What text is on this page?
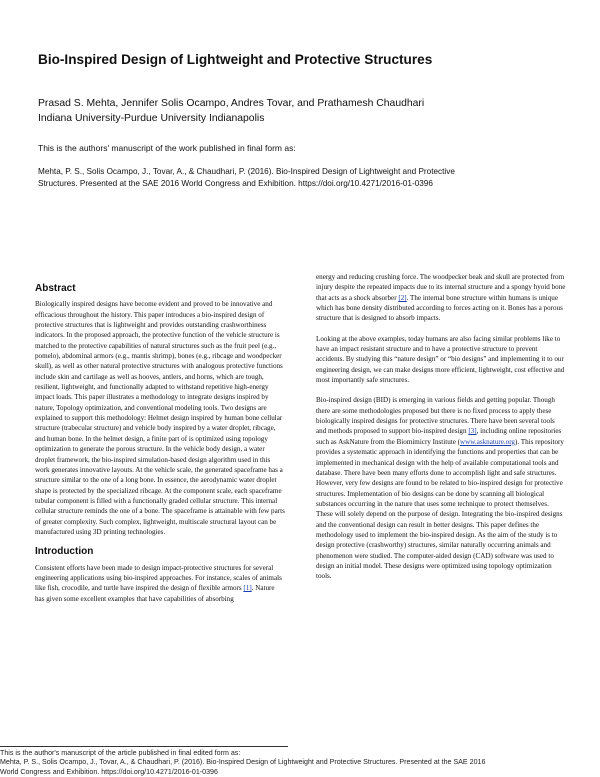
Bio-Inspired Design of Lightweight and Protective Structures
Prasad S. Mehta, Jennifer Solis Ocampo, Andres Tovar, and Prathamesh Chaudhari
Indiana University-Purdue University Indianapolis
This is the authors' manuscript of the work published in final form as:
Mehta, P. S., Solis Ocampo, J., Tovar, A., & Chaudhari, P. (2016). Bio-Inspired Design of Lightweight and Protective
Structures. Presented at the SAE 2016 World Congress and Exhibition. https://doi.org/10.4271/2016-01-0396
Abstract

Biologically inspired designs have become evident and proved to be innovative and efficacious throughout the history. This paper introduces a bio-inspired design of protective structures that is lightweight and provides outstanding crashworthiness indicators. In the proposed approach, the protective function of the vehicle structure is matched to the protective capabilities of natural structures such as the fruit peel (e.g., pomelo), abdominal armors (e.g., mantis shrimp), bones (e.g., ribcage and woodpecker skull), as well as other natural protective structures with analogous protective functions include skin and cartilage as well as hooves, antlers, and horns, which are tough, resilient, lightweight, and functionally adapted to withstand repetitive high-energy impact loads. This paper illustrates a methodology to integrate designs inspired by nature, Topology optimization, and conventional modeling tools. Two designs are explained to support this methodology: Helmet design inspired by human bone cellular structure (trabecular structure) and vehicle body inspired by a water droplet, ribcage, and human bone. In the helmet design, a finite part of is optimized using topology optimization to generate the porous structure. In the vehicle body design, a water droplet framework, the bio-inspired simulation-based design algorithm used in this work generates innovative layouts. At the vehicle scale, the generated spaceframe has a structure similar to the one of a long bone. In essence, the aerodynamic water droplet shape is protected by the specialized ribcage. At the component scale, each spaceframe tubular component is filled with a functionally graded cellular structure. This internal cellular structure reminds the one of a bone. The spaceframe is attainable with few parts of greater complexity. Such complex, lightweight, multiscale structural layout can be manufactured using 3D printing technologies.

Introduction

Consistent efforts have been made to design impact-protective structures for several engineering applications using bio-inspired approaches. For instance, scales of animals like fish, crocodile, and turtle have inspired the design of flexible armors [1]. Nature has given some excellent examples that have capabilities of absorbing

energy and reducing crushing force. The woodpecker beak and skull are protected from injury despite the repeated impacts due to its internal structure and a spongy hyoid bone that acts as a shock absorber [2]. The internal bone structure within humans is unique which has bone density distributed according to forces acting on it. Bones has a porous structure that is designed to absorb impacts.

Looking at the above examples, today humans are also facing similar problems like to have an impact resistant structure and to have a protective structure to prevent accidents. By studying this “nature design” or “bio designs” and implementing it to our engineering design, we can make designs more efficient, lightweight, cost effective and most importantly safe structures.

Bio-inspired design (BID) is emerging in various fields and getting popular. Though there are some methodologies proposed but there is no fixed process to apply these biologically inspired designs for protective structures. There have been several tools and methods proposed to support bio-inspired design [3], including online repositories such as AskNature from the Biomimicry Institute (www.asknature.org). This repository provides a systematic approach in identifying the functions and properties that can be implemented in mechanical design with the help of available computational tools and database. There have been many efforts done to accomplish light and safe structures. However, very few designs are found to be related to bio-inspired design for protective structures. Implementation of bio designs can be done by scanning all biological substances occurring in the nature that uses some technique to protect themselves. These will solely depend on the purpose of design. Integrating the bio-inspired designs and the conventional design can result in better designs. This paper defines the methodology used to implement the bio-inspired design. As the aim of the study is to design protective (crashworthy) structures, similar naturally occurring animals and phenomenon were studied. The computer-aided design (CAD) software was used to design an initial model. These designs were optimized using topology optimization tools.

This is the author's manuscript of the article published in final edited form as:
Mehta, P. S., Solis Ocampo, J., Tovar, A., & Chaudhari, P. (2016). Bio-Inspired Design of Lightweight and Protective Structures. Presented at the SAE 2016
World Congress and Exhibition. https://doi.org/10.4271/2016-01-0396
